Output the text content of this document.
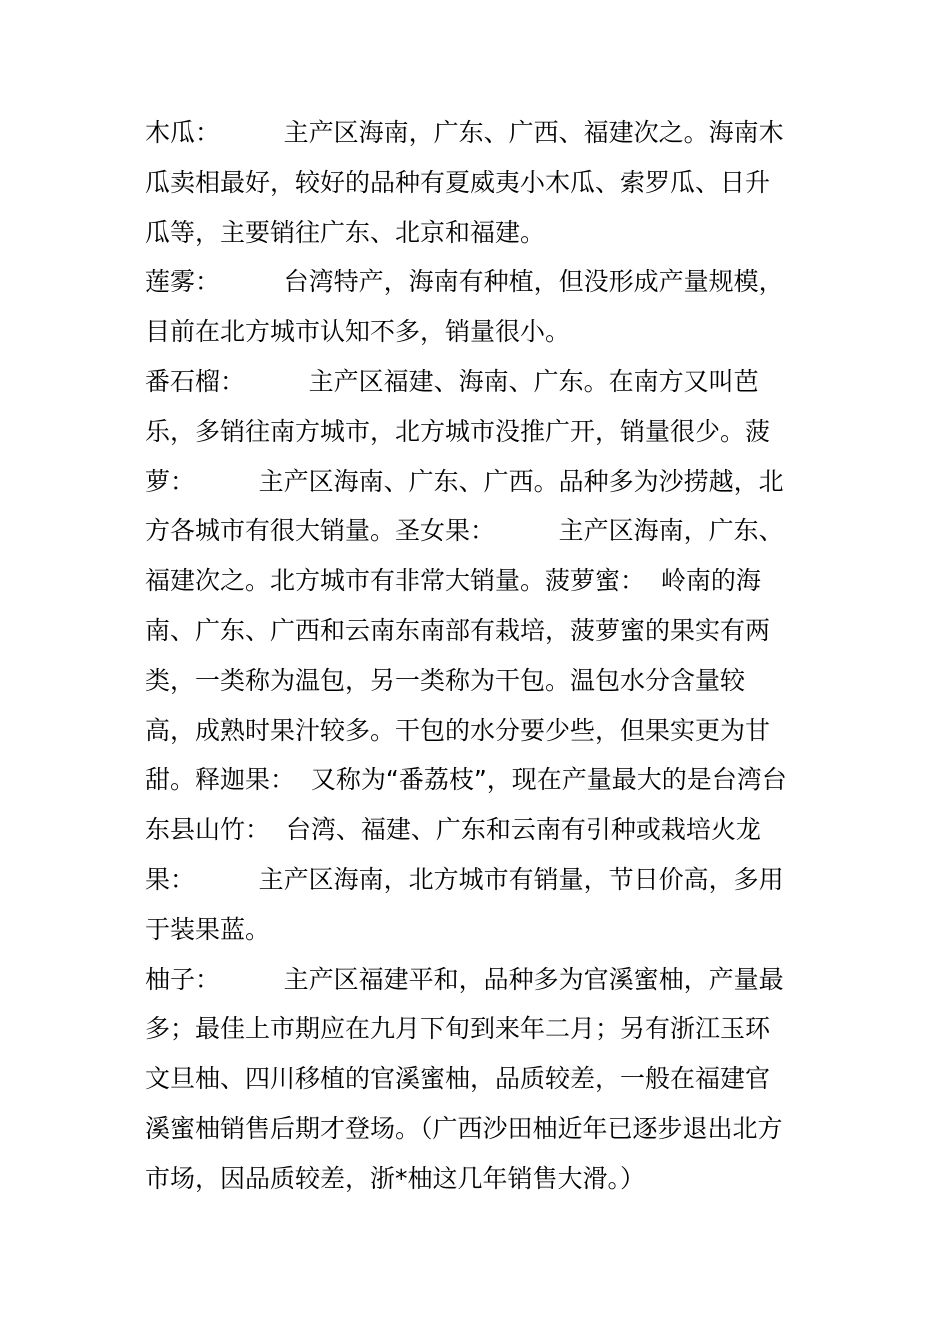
木瓜：        主产区海南，广东、广西、福建次之。海南木
瓜卖相最好，较好的品种有夏威夷小木瓜、索罗瓜、日升
瓜等，主要销往广东、北京和福建。
莲雾：        台湾特产，海南有种植，但没形成产量规模，
目前在北方城市认知不多，销量很小。
番石榴：        主产区福建、海南、广东。在南方又叫芭
乐，多销往南方城市，北方城市没推广开，销量很少。菠
萝：        主产区海南、广东、广西。品种多为沙捞越，北
方各城市有很大销量。圣女果：        主产区海南，广东、
福建次之。北方城市有非常大销量。菠萝蜜：  岭南的海
南、广东、广西和云南东南部有栽培，菠萝蜜的果实有两
类，一类称为温包，另一类称为干包。温包水分含量较
高，成熟时果汁较多。干包的水分要少些，但果实更为甘
甜。释迦果：  又称为“番荔枝”，现在产量最大的是台湾台
东县山竹：  台湾、福建、广东和云南有引种或栽培火龙
果：        主产区海南，北方城市有销量，节日价高，多用
于装果蓝。
柚子：        主产区福建平和，品种多为官溪蜜柚，产量最
多；最佳上市期应在九月下旬到来年二月；另有浙江玉环
文旦柚、四川移植的官溪蜜柚，品质较差，一般在福建官
溪蜜柚销售后期才登场。（广西沙田柚近年已逐步退出北方
市场，因品质较差，浙*柚这几年销售大滑。）
